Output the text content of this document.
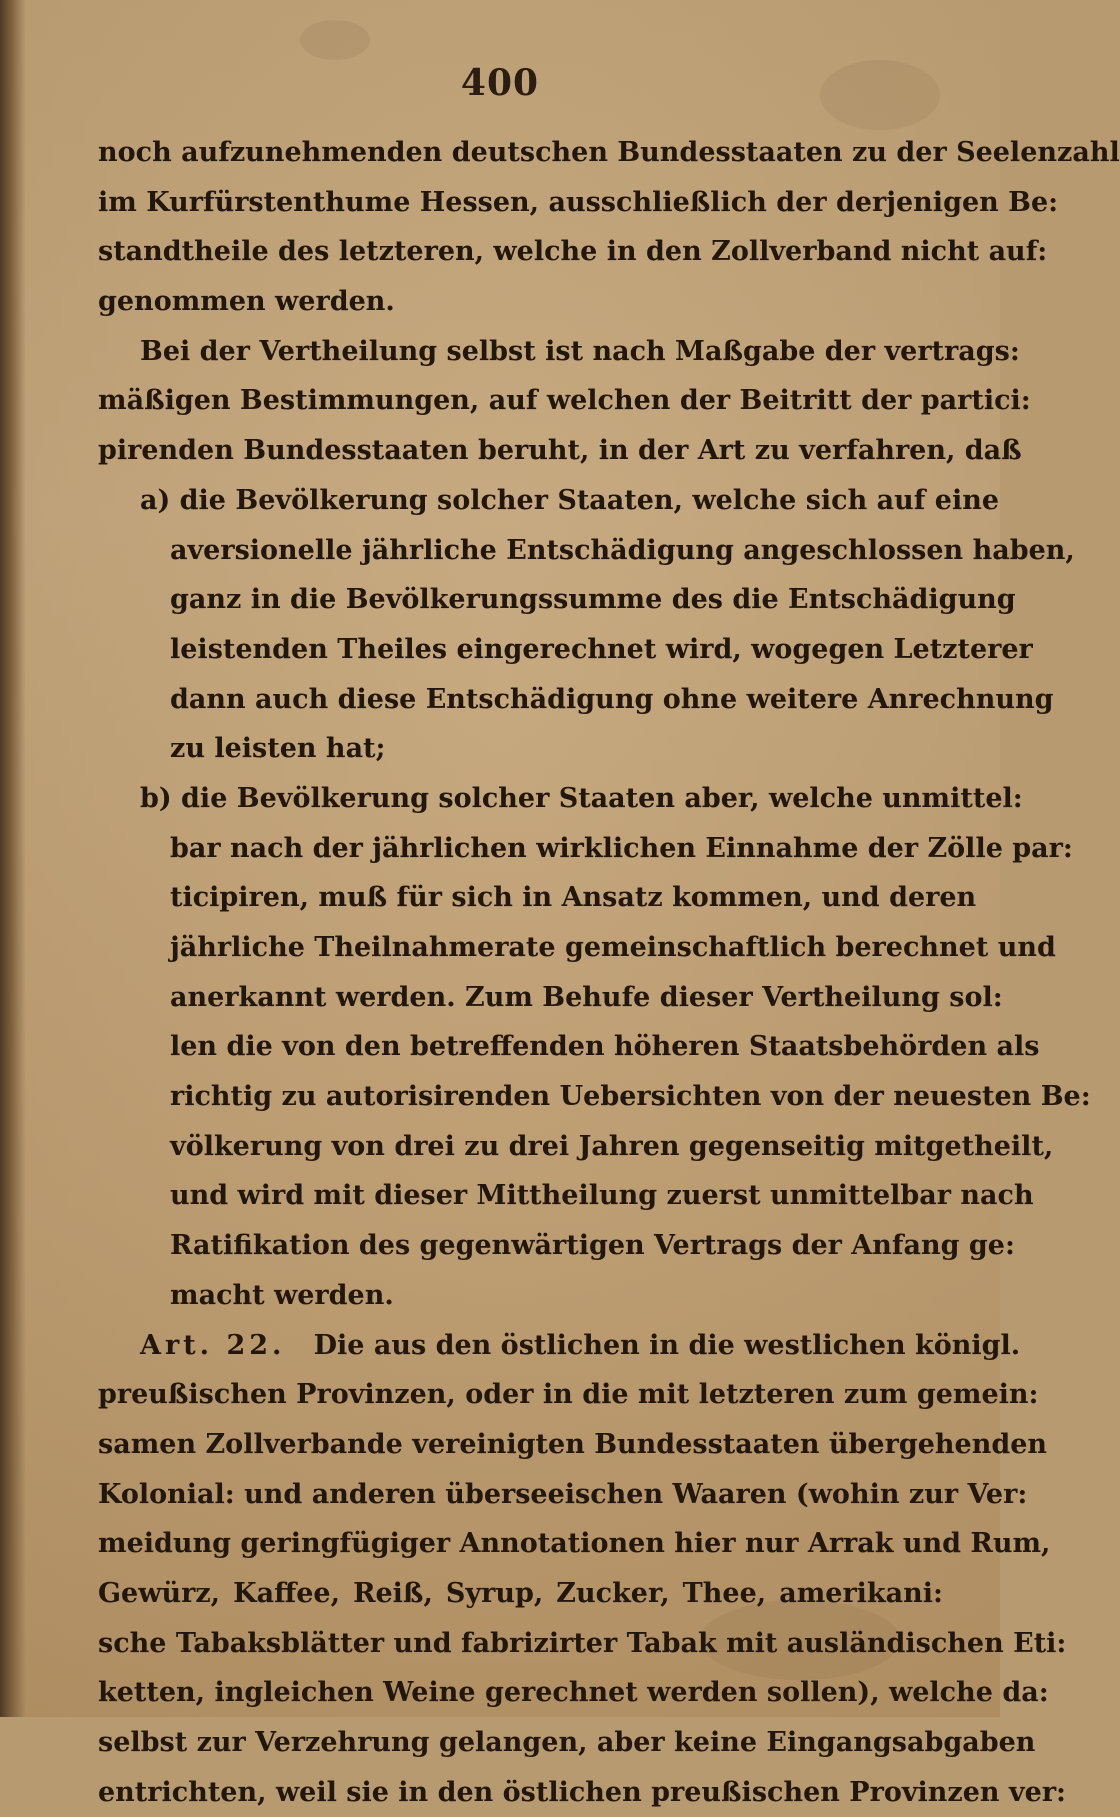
400
noch aufzunehmenden deutschen Bundesstaaten zu der Seelenzahl
im Kurfürstenthume Hessen, ausschließlich der derjenigen Be:
standtheile des letzteren, welche in den Zollverband nicht auf:
genommen werden.
Bei der Vertheilung selbst ist nach Maßgabe der vertrags:
mäßigen Bestimmungen, auf welchen der Beitritt der partici:
pirenden Bundesstaaten beruht, in der Art zu verfahren, daß
a) die Bevölkerung solcher Staaten, welche sich auf eine
aversionelle jährliche Entschädigung angeschlossen haben,
ganz in die Bevölkerungssumme des die Entschädigung
leistenden Theiles eingerechnet wird, wogegen Letzterer
dann auch diese Entschädigung ohne weitere Anrechnung
zu leisten hat;
b) die Bevölkerung solcher Staaten aber, welche unmittel:
bar nach der jährlichen wirklichen Einnahme der Zölle par:
ticipiren, muß für sich in Ansatz kommen, und deren
jährliche Theilnahmerate gemeinschaftlich berechnet und
anerkannt werden. Zum Behufe dieser Vertheilung sol:
len die von den betreffenden höheren Staatsbehörden als
richtig zu autorisirenden Uebersichten von der neuesten Be:
völkerung von drei zu drei Jahren gegenseitig mitgetheilt,
und wird mit dieser Mittheilung zuerst unmittelbar nach
Ratifikation des gegenwärtigen Vertrags der Anfang ge:
macht werden.
Art. 22. Die aus den östlichen in die westlichen königl.
preußischen Provinzen, oder in die mit letzteren zum gemein:
samen Zollverbande vereinigten Bundesstaaten übergehenden
Kolonial: und anderen überseeischen Waaren (wohin zur Ver:
meidung geringfügiger Annotationen hier nur Arrak und Rum,
Gewürz, Kaffee, Reiß, Syrup, Zucker, Thee, amerikani:
sche Tabaksblätter und fabrizirter Tabak mit ausländischen Eti:
ketten, ingleichen Weine gerechnet werden sollen), welche da:
selbst zur Verzehrung gelangen, aber keine Eingangsabgaben
entrichten, weil sie in den östlichen preußischen Provinzen ver:
